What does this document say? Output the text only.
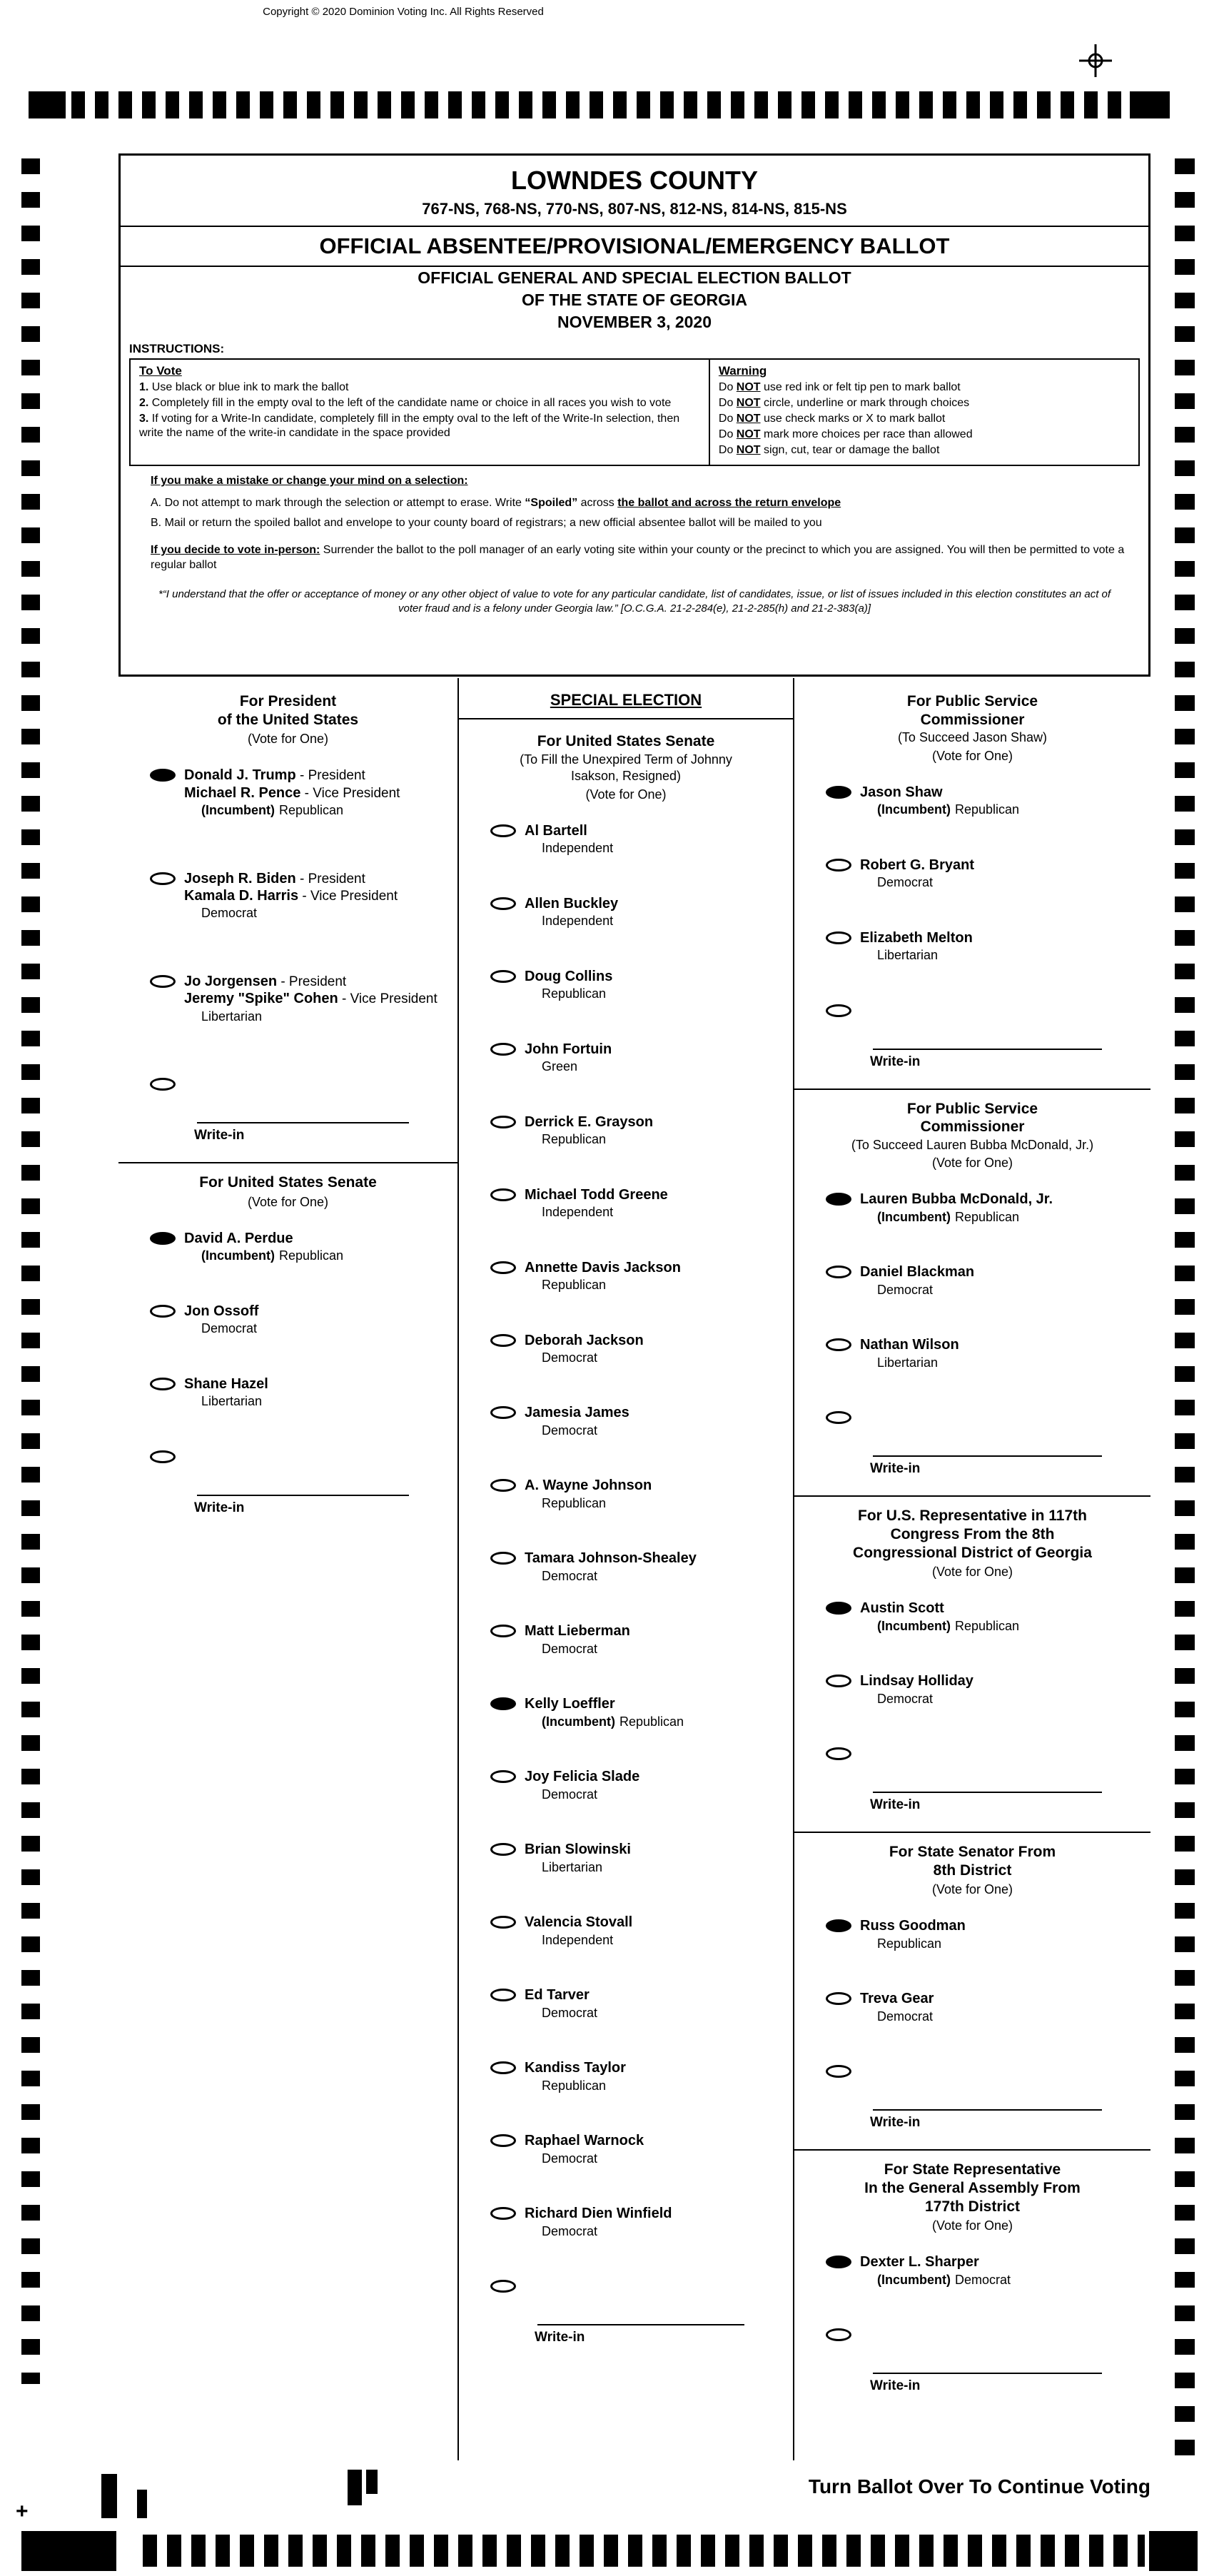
Copyright © 2020 Dominion Voting Inc. All Rights Reserved
LOWNDES COUNTY
767-NS, 768-NS, 770-NS, 807-NS, 812-NS, 814-NS, 815-NS
OFFICIAL ABSENTEE/PROVISIONAL/EMERGENCY BALLOT
OFFICIAL GENERAL AND SPECIAL ELECTION BALLOT
OF THE STATE OF GEORGIA
NOVEMBER 3, 2020
INSTRUCTIONS:
To Vote
1. Use black or blue ink to mark the ballot
2. Completely fill in the empty oval to the left of the candidate name or choice in all races you wish to vote
3. If voting for a Write-In candidate, completely fill in the empty oval to the left of the Write-In selection, then write the name of the write-in candidate in the space provided
Warning
Do NOT use red ink or felt tip pen to mark ballot
Do NOT circle, underline or mark through choices
Do NOT use check marks or X to mark ballot
Do NOT mark more choices per race than allowed
Do NOT sign, cut, tear or damage the ballot
If you make a mistake or change your mind on a selection:
A. Do not attempt to mark through the selection or attempt to erase. Write “Spoiled” across the ballot and across the return envelope
B. Mail or return the spoiled ballot and envelope to your county board of registrars; a new official absentee ballot will be mailed to you
If you decide to vote in-person: Surrender the ballot to the poll manager of an early voting site within your county or the precinct to which you are assigned. You will then be permitted to vote a regular ballot
*“I understand that the offer or acceptance of money or any other object of value to vote for any particular candidate, list of candidates, issue, or list of issues included in this election constitutes an act of voter fraud and is a felony under Georgia law.” [O.C.G.A. 21-2-284(e), 21-2-285(h) and 21-2-383(a)]
For President
of the United States
(Vote for One)
Donald J. Trump - President
Michael R. Pence - Vice President
(Incumbent) Republican
Joseph R. Biden - President
Kamala D. Harris - Vice President
Democrat
Jo Jorgensen - President
Jeremy "Spike" Cohen - Vice President
Libertarian
Write-in
For United States Senate
(Vote for One)
David A. Perdue
(Incumbent) Republican
Jon Ossoff
Democrat
Shane Hazel
Libertarian
Write-in
SPECIAL ELECTION
For United States Senate
(To Fill the Unexpired Term of Johnny
Isakson, Resigned)
(Vote for One)
Al Bartell
Independent
Allen Buckley
Independent
Doug Collins
Republican
John Fortuin
Green
Derrick E. Grayson
Republican
Michael Todd Greene
Independent
Annette Davis Jackson
Republican
Deborah Jackson
Democrat
Jamesia James
Democrat
A. Wayne Johnson
Republican
Tamara Johnson-Shealey
Democrat
Matt Lieberman
Democrat
Kelly Loeffler
(Incumbent) Republican
Joy Felicia Slade
Democrat
Brian Slowinski
Libertarian
Valencia Stovall
Independent
Ed Tarver
Democrat
Kandiss Taylor
Republican
Raphael Warnock
Democrat
Richard Dien Winfield
Democrat
Write-in
For Public Service
Commissioner
(To Succeed Jason Shaw)
(Vote for One)
Jason Shaw
(Incumbent) Republican
Robert G. Bryant
Democrat
Elizabeth Melton
Libertarian
Write-in
For Public Service
Commissioner
(To Succeed Lauren Bubba McDonald, Jr.)
(Vote for One)
Lauren Bubba McDonald, Jr.
(Incumbent) Republican
Daniel Blackman
Democrat
Nathan Wilson
Libertarian
Write-in
For U.S. Representative in 117th
Congress From the 8th
Congressional District of Georgia
(Vote for One)
Austin Scott
(Incumbent) Republican
Lindsay Holliday
Democrat
Write-in
For State Senator From
8th District
(Vote for One)
Russ Goodman
Republican
Treva Gear
Democrat
Write-in
For State Representative
In the General Assembly From
177th District
(Vote for One)
Dexter L. Sharper
(Incumbent) Democrat
Write-in
Turn Ballot Over To Continue Voting
+
